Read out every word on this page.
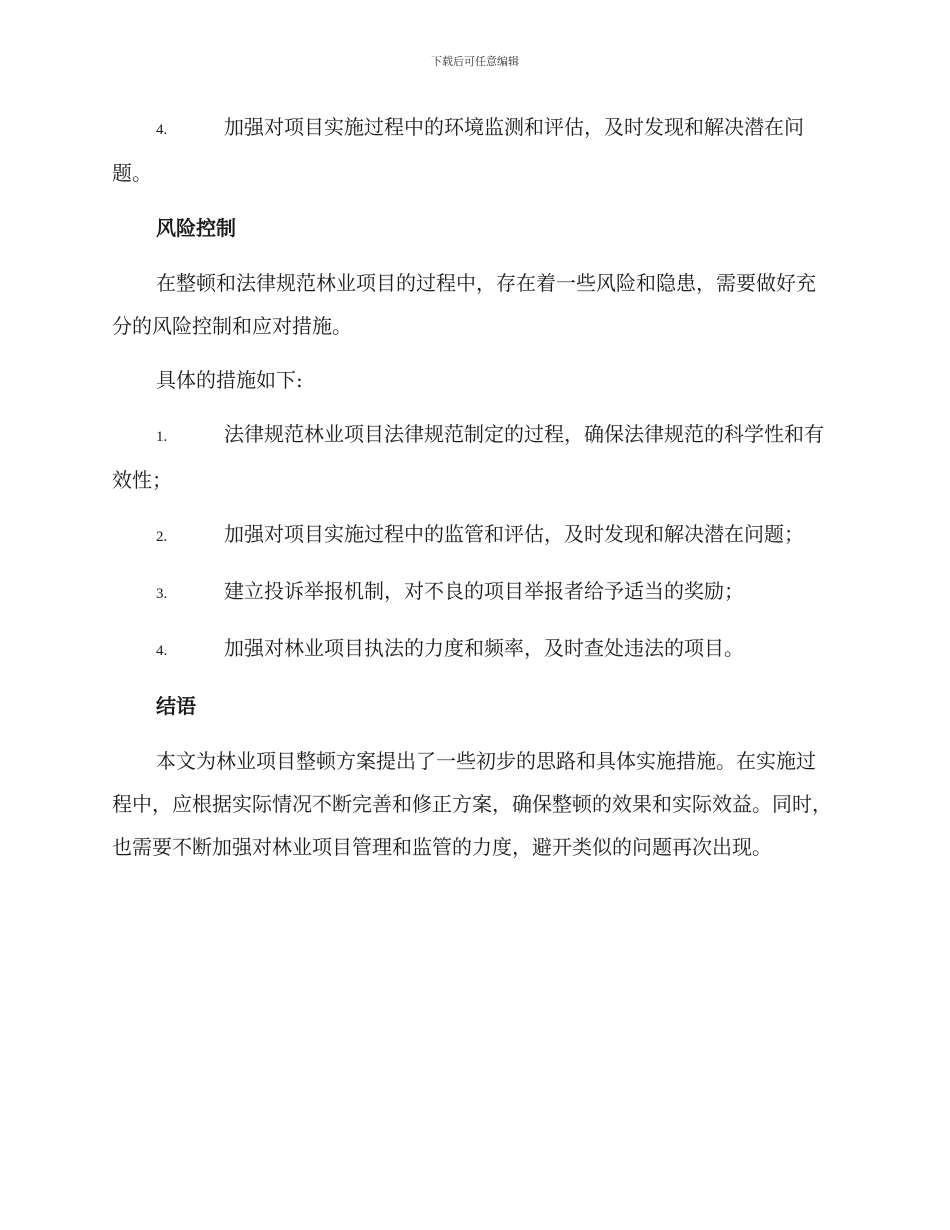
下载后可任意编辑
4.	加强对项目实施过程中的环境监测和评估，及时发现和解决潜在问题。
风险控制

在整顿和法律规范林业项目的过程中，存在着一些风险和隐患，需要做好充分的风险控制和应对措施。

具体的措施如下:

1.	法律规范林业项目法律规范制定的过程，确保法律规范的科学性和有效性；
2.	加强对项目实施过程中的监管和评估，及时发现和解决潜在问题；
3.	建立投诉举报机制，对不良的项目举报者给予适当的奖励；
4.	加强对林业项目执法的力度和频率，及时查处违法的项目。
结语

本文为林业项目整顿方案提出了一些初步的思路和具体实施措施。在实施过程中，应根据实际情况不断完善和修正方案，确保整顿的效果和实际效益。同时，也需要不断加强对林业项目管理和监管的力度，避开类似的问题再次出现。
